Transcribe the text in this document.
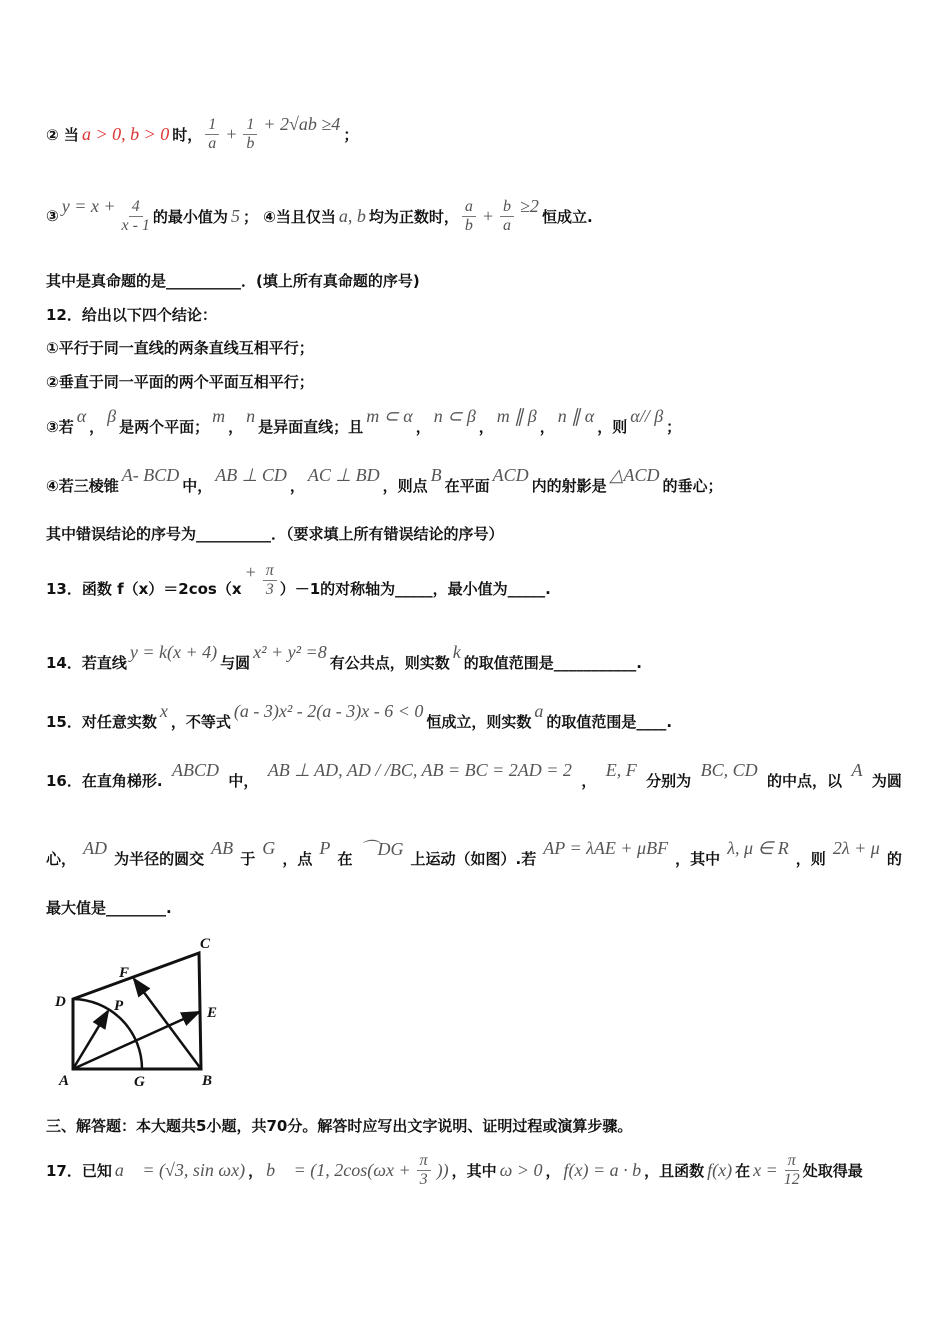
② 当 a > 0, b > 0 时， $\frac{1}{a} + \frac{1}{b} + 2√ab \ge 4$
；
③
$y = x + \frac{4}{x - 1}$ 的最小值为 5 ； ④当且仅当 a, b 均为正数时， $\frac{a}{b} + \frac{b}{a} \ge 2$
恒成立.
其中是真命题的是__________．(填上所有真命题的序号)
12．给出以下四个结论：
①平行于同一直线的两条直线互相平行；
②垂直于同一平面的两个平面互相平行；
③若
α
，
β
是两个平面；
m
，
n
是异面直线；且
m ⊂ α
，
n ⊂ β
，
m ∥ β
，
n ∥ α
，则
α// β
；
④若三棱锥
A- BCD
中，
AB ⊥ CD
，
AC ⊥ BD
，则点
B
在平面
ACD
内的射影是
△ACD
的垂心；
其中错误结论的序号为__________．（要求填上所有错误结论的序号）
13．函数 f（x）＝2cos（x
+ $\frac{\pi}{3} )-1$的对称轴为_____，最小值为_____.
14．若直线
y = k(x + 4)
与圆
x² + y² =8
有公共点，则实数
k
的取值范围是___________.
15．对任意实数
x
，不等式
(a - 3)x² - 2(a - 3)x - 6 < 0
恒成立，则实数
a
的取值范围是____.
16．在直角梯形.
ABCD
中，
AB ⊥ AD, AD / /BC, AB = BC = 2AD = 2
，
E, F
分别为
BC, CD
的中点，以
A
为圆
心，
AD
为半径的圆交
AB
于
G
，点
P
在 ⌒DG 上运动（如图）.若
AP = λAE + μBF
，其中
λ, μ ∈ R
，则
2λ + μ
的
最大值是________.
三、解答题：本大题共5小题，共70分。解答时应写出文字说明、证明过程或演算步骤。
17．已知 a⃗ = (√3, sin ωx) ， b⃗ = (1, $2\cos(\omega x + \frac{\pi}{3}$ )) ，其中 ω > 0 ， f(x) = a · b ，且函数 f(x) 在 $x = \frac{\pi}{12}$ 处取得最
A	B
C
D
E
F
G
P
